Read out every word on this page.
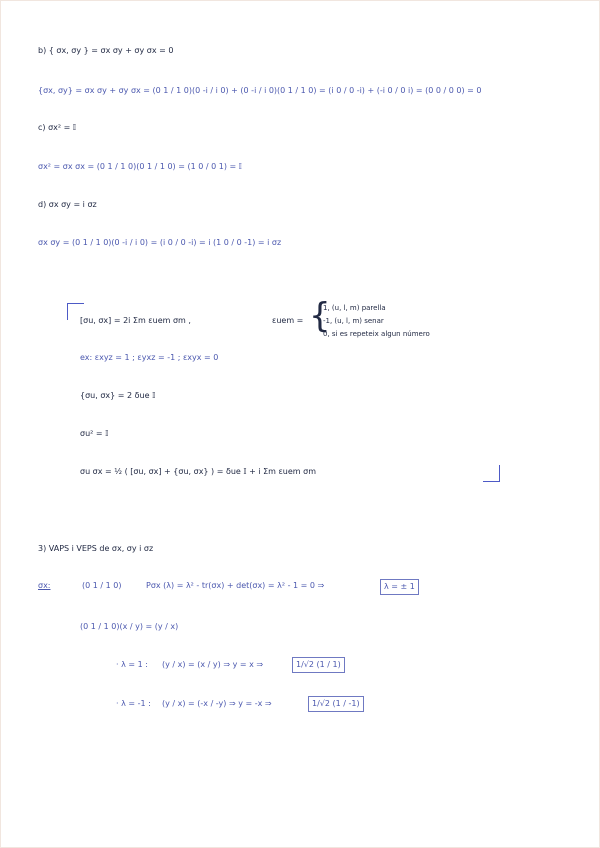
b) { σx, σy } = σx σy + σy σx = 0
{σx, σy} = σx σy + σy σx = (0 1 / 1 0)(0 -i / i 0) + (0 -i / i 0)(0 1 / 1 0) = (i 0 / 0 -i) + (-i 0 / 0 i) = (0 0 / 0 0) = 0
c) σx² = 𝕀
σx² = σx σx = (0 1 / 1 0)(0 1 / 1 0) = (1 0 / 0 1) = 𝕀
d) σx σy = i σz
σx σy = (0 1 / 1 0)(0 -i / i 0) = (i 0 / 0 -i) = i (1 0 / 0 -1) = i σz
[σu, σx] = 2i Σm εuem σm ,	εuem = {
1, (u, l, m) parella
-1, (u, l, m) senar
0, si es repeteix algun número
ex: εxyz = 1 ; εyxz = -1 ; εxyx = 0
{σu, σx} = 2 δue 𝕀
σu² = 𝕀
σu σx = ½ ( [σu, σx] + {σu, σx} ) = δue 𝕀 + i Σm εuem σm
3) VAPS i VEPS de σx, σy i σz
σx:	(0 1 / 1 0)	Pσx (λ) = λ² - tr(σx) + det(σx) = λ² - 1 = 0 ⇒	λ = ± 1
(0 1 / 1 0)(x / y) = (y / x)
· λ = 1 : (y / x) = (x / y) ⇒ y = x ⇒	1/√2 (1 / 1)
· λ = -1 : (y / x) = (-x / -y) ⇒ y = -x ⇒	1/√2 (1 / -1)
